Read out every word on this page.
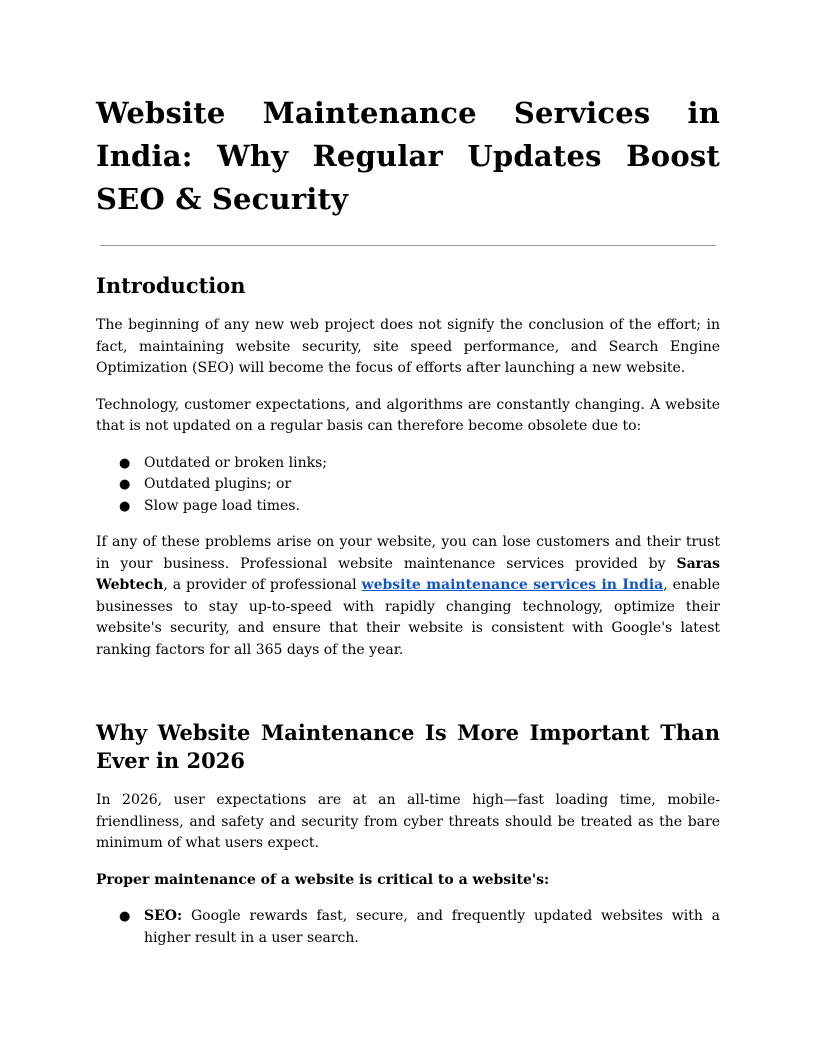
Website Maintenance Services in India: Why Regular Updates Boost SEO & Security
Introduction

The beginning of any new web project does not signify the conclusion of the effort; in fact, maintaining website security, site speed performance, and Search Engine Optimization (SEO) will become the focus of efforts after launching a new website.

Technology, customer expectations, and algorithms are constantly changing. A website that is not updated on a regular basis can therefore become obsolete due to:

● Outdated or broken links;
● Outdated plugins; or
● Slow page load times.

If any of these problems arise on your website, you can lose customers and their trust in your business. Professional website maintenance services provided by Saras Webtech, a provider of professional website maintenance services in India, enable businesses to stay up-to-speed with rapidly changing technology, optimize their website's security, and ensure that their website is consistent with Google's latest ranking factors for all 365 days of the year.

Why Website Maintenance Is More Important Than Ever in 2026

In 2026, user expectations are at an all-time high—fast loading time, mobile-friendliness, and safety and security from cyber threats should be treated as the bare minimum of what users expect.

Proper maintenance of a website is critical to a website's:

● SEO: Google rewards fast, secure, and frequently updated websites with a higher result in a user search.
